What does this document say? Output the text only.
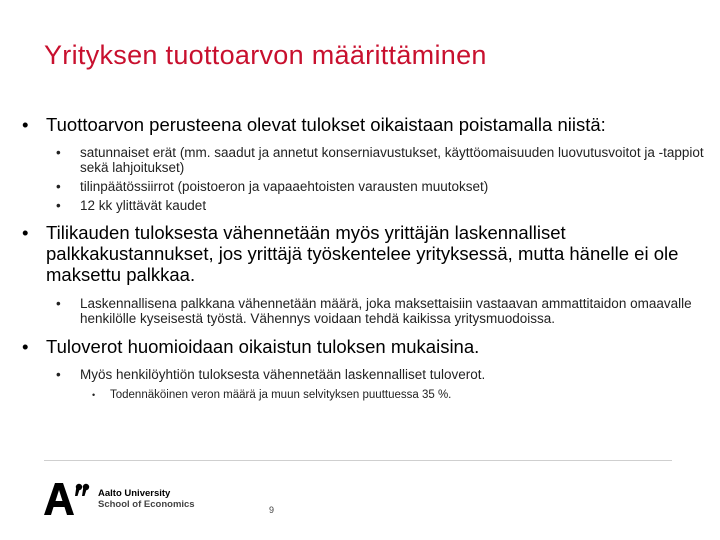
Yrityksen tuottoarvon määrittäminen
• Tuottoarvon perusteena olevat tulokset oikaistaan poistamalla niistä:
•	satunnaiset erät (mm. saadut ja annetut konserniavustukset, käyttöomaisuuden luovutusvoitot ja -tappiot sekä lahjoitukset)
•	tilinpäätössiirrot (poistoeron ja vapaaehtoisten varausten muutokset)
•	12 kk ylittävät kaudet
• Tilikauden tuloksesta vähennetään myös yrittäjän laskennalliset palkkakustannukset, jos yrittäjä työskentelee yrityksessä, mutta hänelle ei ole maksettu palkkaa.
•	Laskennallisena palkkana vähennetään määrä, joka maksettaisiin vastaavan ammattitaidon omaavalle henkilölle kyseisestä työstä. Vähennys voidaan tehdä kaikissa yritysmuodoissa.
• Tuloverot huomioidaan oikaistun tuloksen mukaisina.
•	Myös henkilöyhtiön tuloksesta vähennetään laskennalliset tuloverot.
•	Todennäköinen veron määrä ja muun selvityksen puuttuessa 35 %.
Aalto University
School of Economics	9
